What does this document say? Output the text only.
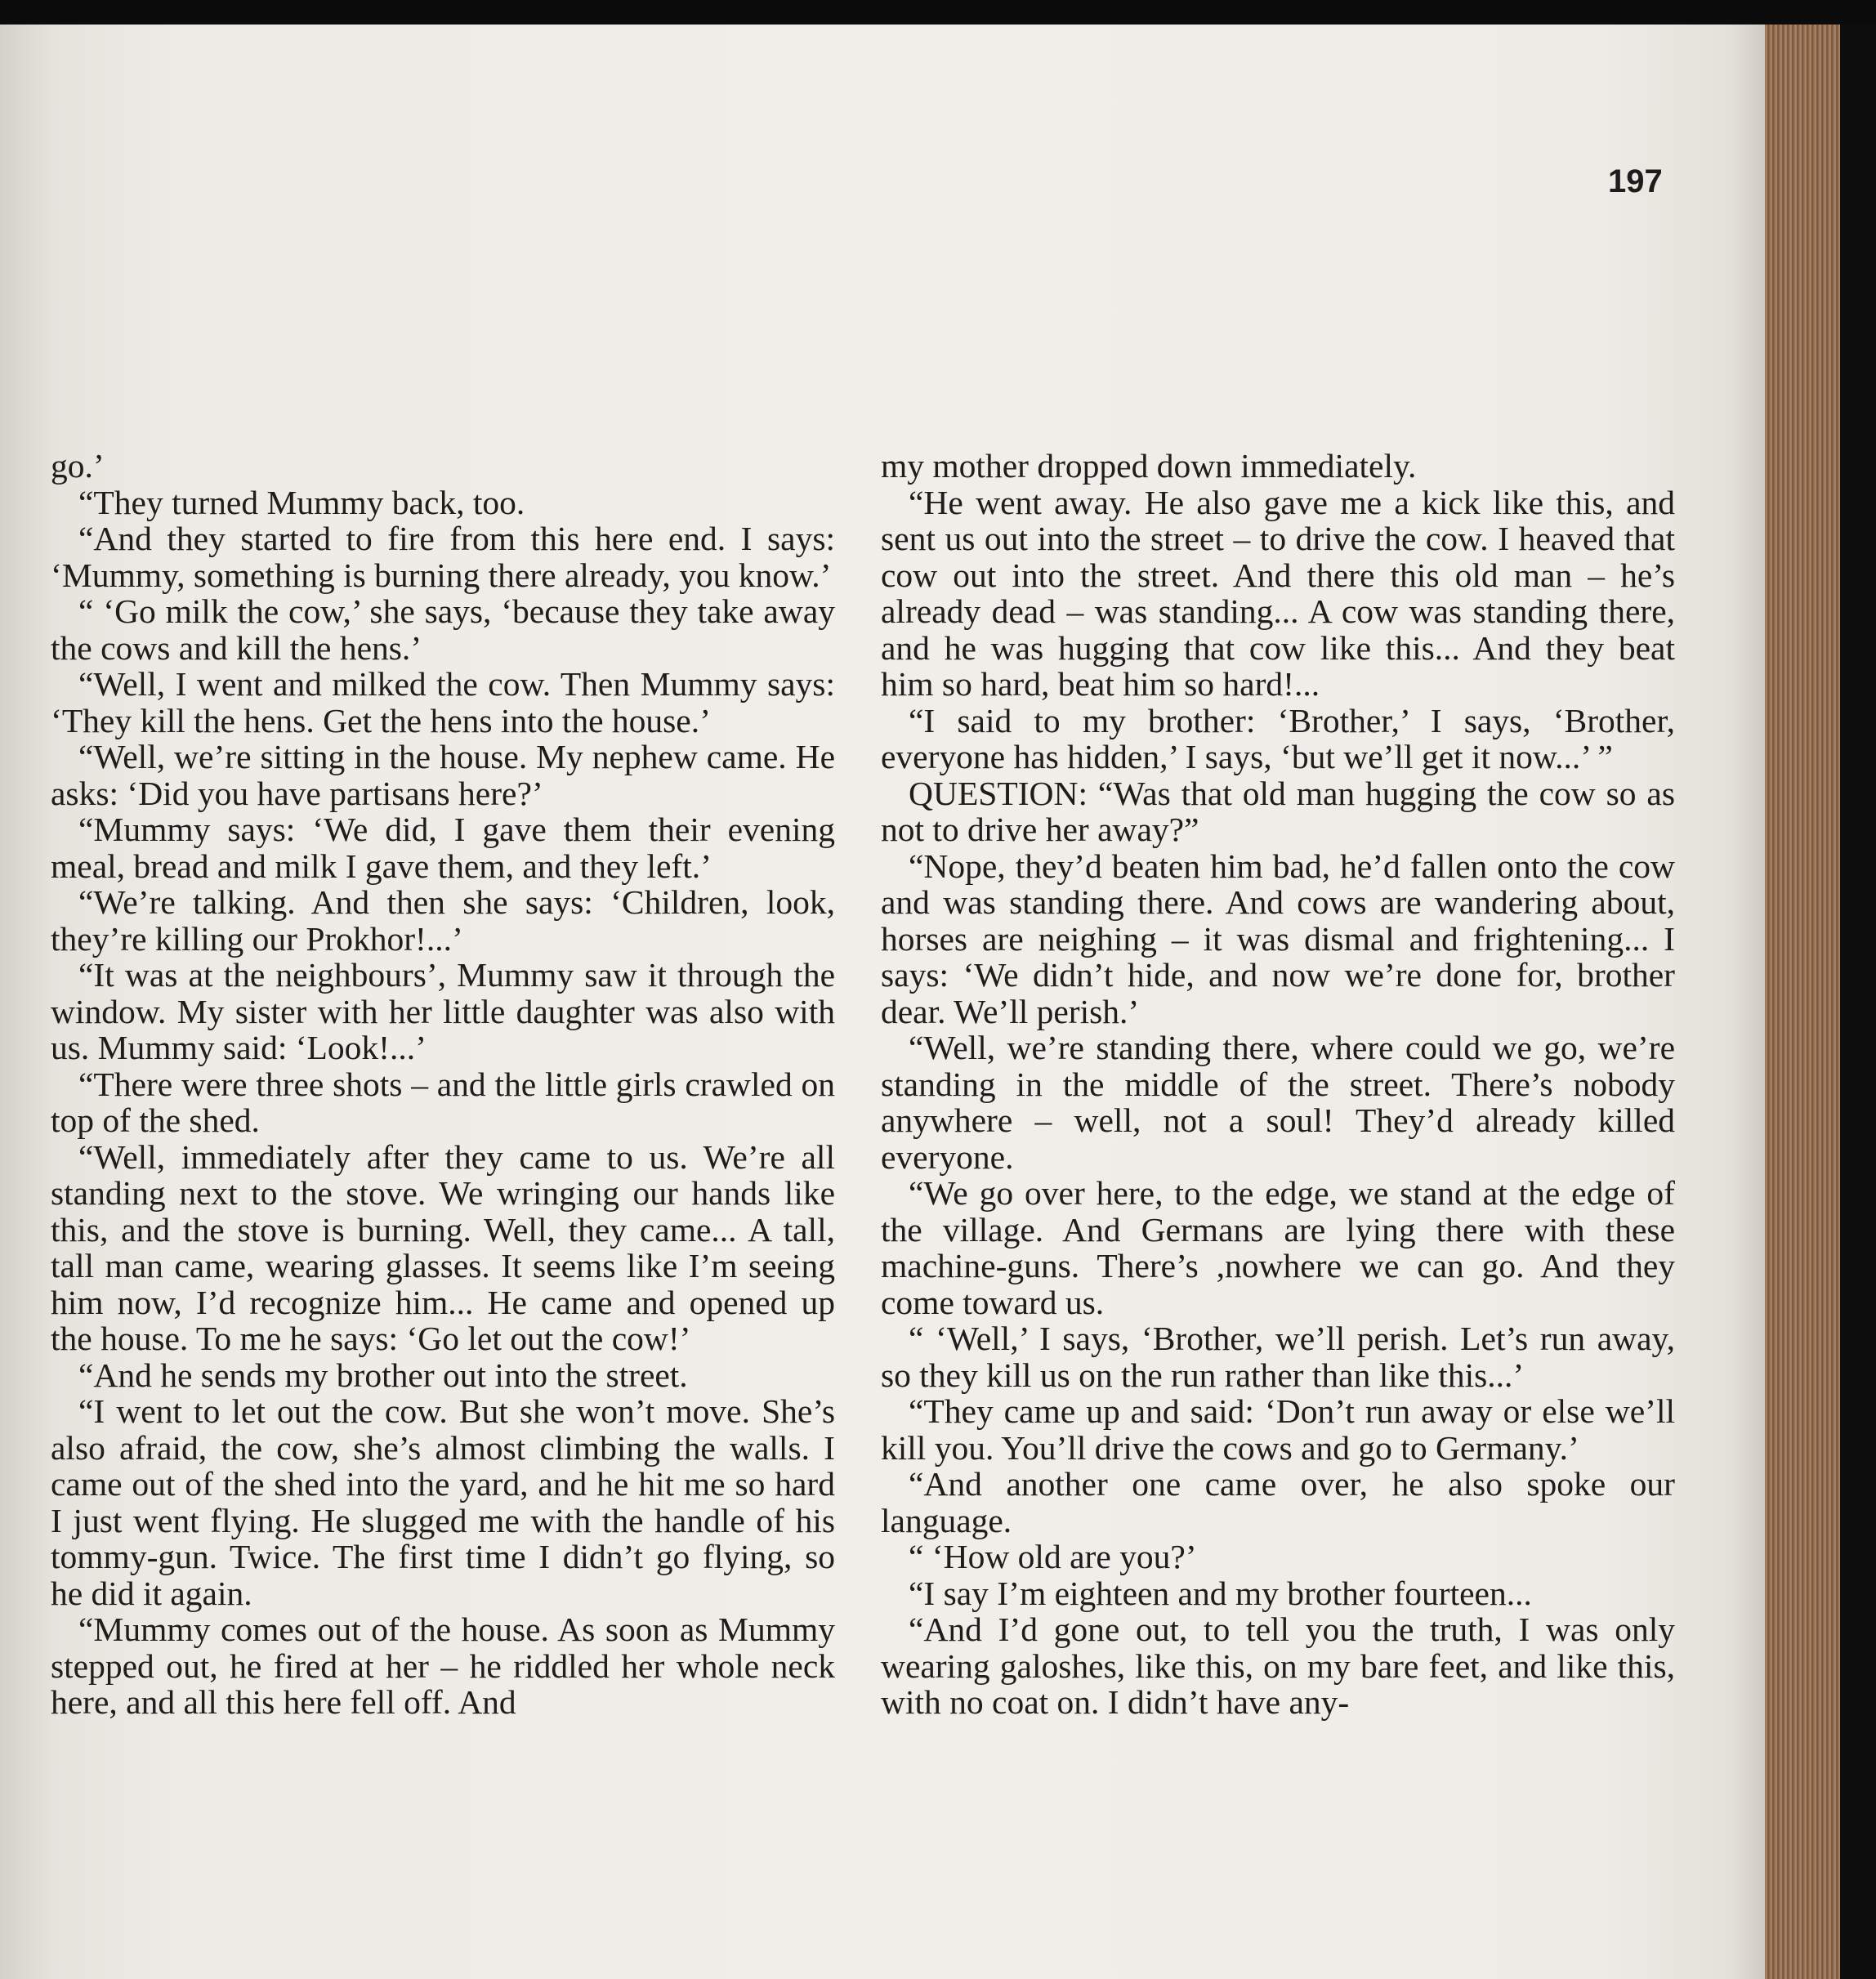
197

go.’

“They turned Mummy back, too.

“And they started to fire from this here end. I says: ‘Mummy, something is burning there already, you know.’

“ ‘Go milk the cow,’ she says, ‘because they take away the cows and kill the hens.’

“Well, I went and milked the cow. Then Mummy says: ‘They kill the hens. Get the hens into the house.’

“Well, we’re sitting in the house. My nephew came. He asks: ‘Did you have partisans here?’

“Mummy says: ‘We did, I gave them their evening meal, bread and milk I gave them, and they left.’

“We’re talking. And then she says: ‘Children, look, they’re killing our Prokhor!...’

“It was at the neighbours’, Mummy saw it through the window. My sister with her little daughter was also with us. Mummy said: ‘Look!...’

“There were three shots – and the little girls crawled on top of the shed.

“Well, immediately after they came to us. We’re all standing next to the stove. We wringing our hands like this, and the stove is burning. Well, they came... A tall, tall man came, wearing glasses. It seems like I’m seeing him now, I’d recognize him... He came and opened up the house. To me he says: ‘Go let out the cow!’

“And he sends my brother out into the street.

“I went to let out the cow. But she won’t move. She’s also afraid, the cow, she’s almost climbing the walls. I came out of the shed into the yard, and he hit me so hard I just went flying. He slugged me with the handle of his tommy-gun. Twice. The first time I didn’t go flying, so he did it again.

“Mummy comes out of the house. As soon as Mummy stepped out, he fired at her – he riddled her whole neck here, and all this here fell off. And

my mother dropped down immediately.

“He went away. He also gave me a kick like this, and sent us out into the street – to drive the cow. I heaved that cow out into the street. And there this old man – he’s already dead – was standing... A cow was standing there, and he was hugging that cow like this... And they beat him so hard, beat him so hard!...

“I said to my brother: ‘Brother,’ I says, ‘Brother, everyone has hidden,’ I says, ‘but we’ll get it now...’ ”

QUESTION: “Was that old man hugging the cow so as not to drive her away?”

“Nope, they’d beaten him bad, he’d fallen onto the cow and was standing there. And cows are wandering about, horses are neighing – it was dismal and frightening... I says: ‘We didn’t hide, and now we’re done for, brother dear. We’ll perish.’

“Well, we’re standing there, where could we go, we’re standing in the middle of the street. There’s nobody anywhere – well, not a soul! They’d already killed everyone.

“We go over here, to the edge, we stand at the edge of the village. And Germans are lying there with these machine-guns. There’s ,nowhere we can go. And they come toward us.

“ ‘Well,’ I says, ‘Brother, we’ll perish. Let’s run away, so they kill us on the run rather than like this...’

“They came up and said: ‘Don’t run away or else we’ll kill you. You’ll drive the cows and go to Germany.’

“And another one came over, he also spoke our language.

“ ‘How old are you?’

“I say I’m eighteen and my brother fourteen...

“And I’d gone out, to tell you the truth, I was only wearing galoshes, like this, on my bare feet, and like this, with no coat on. I didn’t have any-
